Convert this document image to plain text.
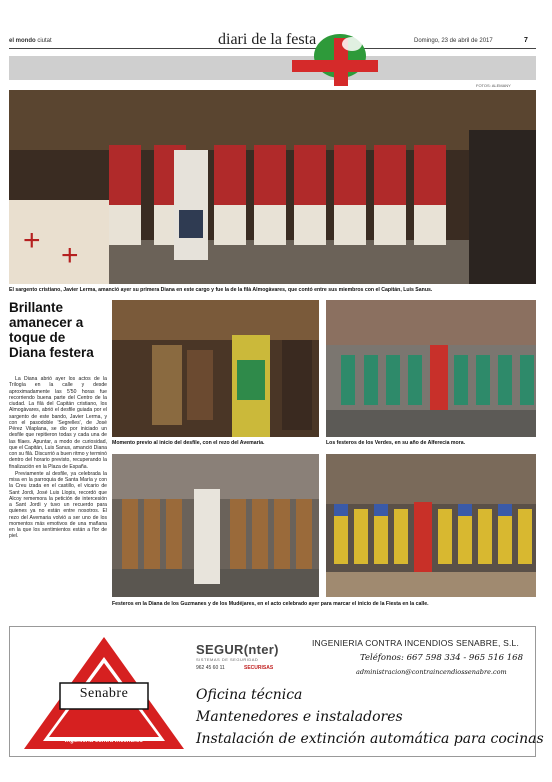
el mondo ciutat	diari de la festa	Domingo, 23 de abril de 2017	7
FOTOS: ALEMANY
+ +
El sargento cristiano, Javier Lerma, amanció ayer su primera Diana en este cargo y fue la de la filà Almogàvares, que contó entre sus miembros con el Capitán, Luis Sanus.
Brillante amanecer a toque de Diana festera

La Diana abrió ayer los actos de la Trilogía en la calle y desde aproximadamente las 5'50 horas fue recorriendo buena parte del Centro de la ciudad. La filà del Capitán cristiano, los Almogàvares, abrió el desfile guiada por el sargento de este bando, Javier Lerma, y con el pasodoble 'Segrelles', de José Pérez Vilaplana, se dio por iniciado un desfile que repitieron todas y cada una de las filaes. Apuntar, a modo de curiosidad, que el Capitán, Luis Sanus, amanció Diana con su filà. Discurrió a buen ritmo y terminó dentro del horario previsto, recuperando la finalización en la Plaza de España.

Previamente al desfile, ya celebrada la misa en la parroquia de Santa María y con la Creu izada en el castillo, el vicario de Sant Jordi, José Luis Llopis, recordó que Alcoy rememora la petición de intercesión a Sant Jordi y tuvo un recuerdo para quienes ya no están entre nosotros. El rezo del Avemaria volvió a ser uno de los momentos más emotivos de una mañana en la que los sentimientos están a flor de piel.

Momento previo al inicio del desfile, con el rezo del Avemaria.	Los festeros de los Verdes, en su año de Alferecia mora.
Festeros en la Diana de los Guzmanes y de los Mudéjares, en el acto celebrado ayer para marcar el inicio de la Fiesta en la calle.
Senabre
ingenieria contra incendios
SEGUR(nter)
SISTEMAS DE SEGURIDAD
962 45 60 11	SECURISAS
INGENIERIA CONTRA INCENDIOS SENABRE, S.L.
Teléfonos: 667 598 334 - 965 516 168
administracion@contraincendiossenabre.com
Oficina técnica
Mantenedores e instaladores
Instalación de extinción automática para cocinas
